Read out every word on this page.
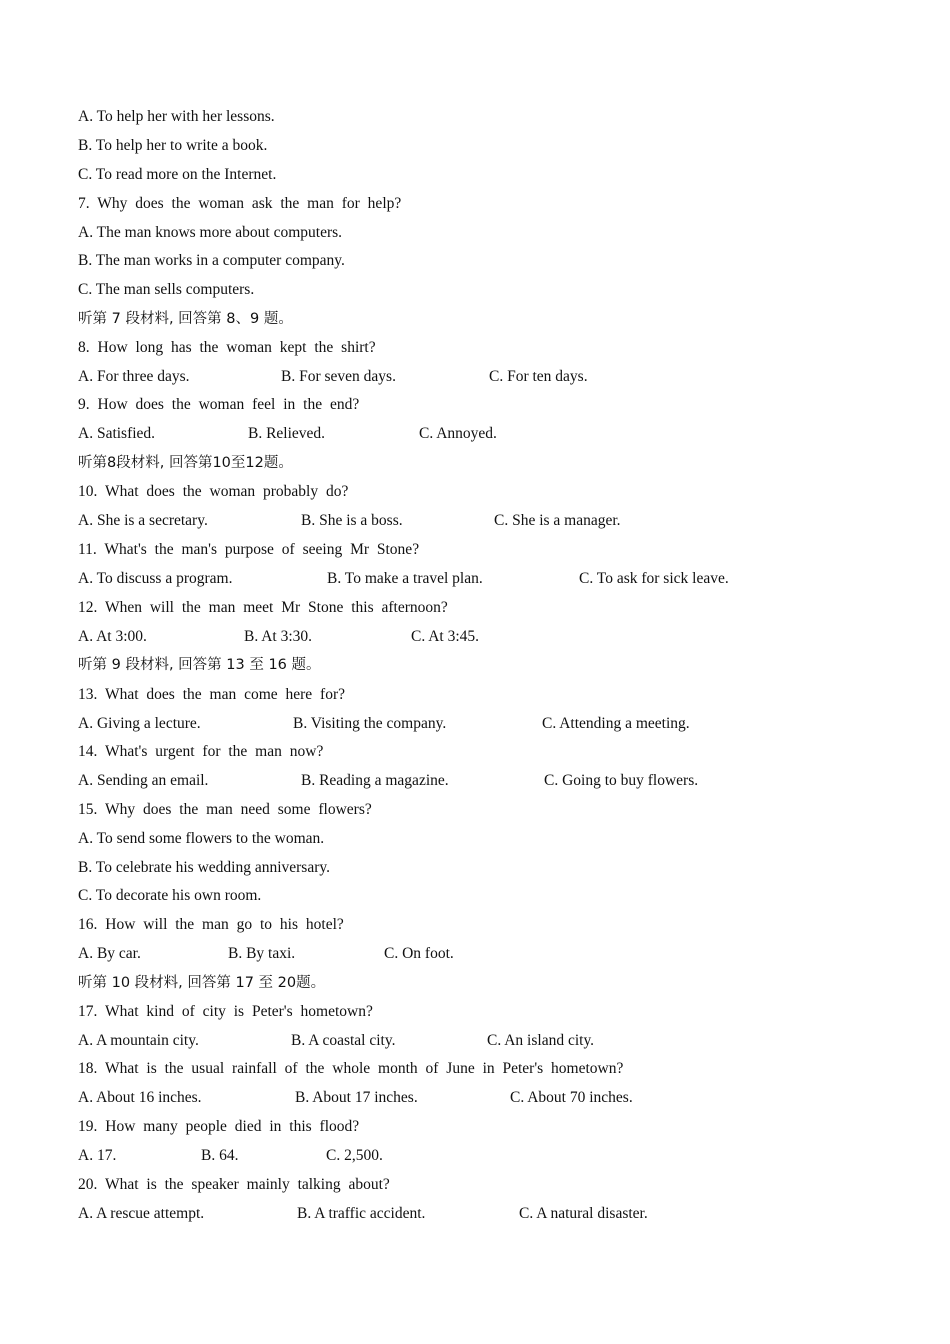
A. To help her with her lessons.
B. To help her to write a book.
C. To read more on the Internet.
7. Why does the woman ask the man for help?
A. The man knows more about computers.
B. The man works in a computer company.
C. The man sells computers.
听第 7 段材料, 回答第 8、9 题。
8. How long has the woman kept the shirt?
A. For three days.	B. For seven days.	C. For ten days.
9. How does the woman feel in the end?
A. Satisfied.	B. Relieved.	C. Annoyed.
听第8段材料, 回答第10至12题。
10. What does the woman probably do?
A. She is a secretary.	B. She is a boss.	C. She is a manager.
11. What's the man's purpose of seeing Mr Stone?
A. To discuss a program.	B. To make a travel plan.	C. To ask for sick leave.
12. When will the man meet Mr Stone this afternoon?
A. At 3:00.	B. At 3:30.	C. At 3:45.
听第 9 段材料, 回答第 13 至 16 题。
13. What does the man come here for?
A. Giving a lecture.	B. Visiting the company.	C. Attending a meeting.
14. What's urgent for the man now?
A. Sending an email.	B. Reading a magazine.	C. Going to buy flowers.
15. Why does the man need some flowers?
A. To send some flowers to the woman.
B. To celebrate his wedding anniversary.
C. To decorate his own room.
16. How will the man go to his hotel?
A. By car.	B. By taxi.	C. On foot.
听第 10 段材料, 回答第 17 至 20题。
17. What kind of city is Peter's hometown?
A. A mountain city.	B. A coastal city.	C. An island city.
18. What is the usual rainfall of the whole month of June in Peter's hometown?
A. About 16 inches.	B. About 17 inches.	C. About 70 inches.
19. How many people died in this flood?
A. 17.	B. 64.	C. 2,500.
20. What is the speaker mainly talking about?
A. A rescue attempt.	B. A traffic accident.	C. A natural disaster.
